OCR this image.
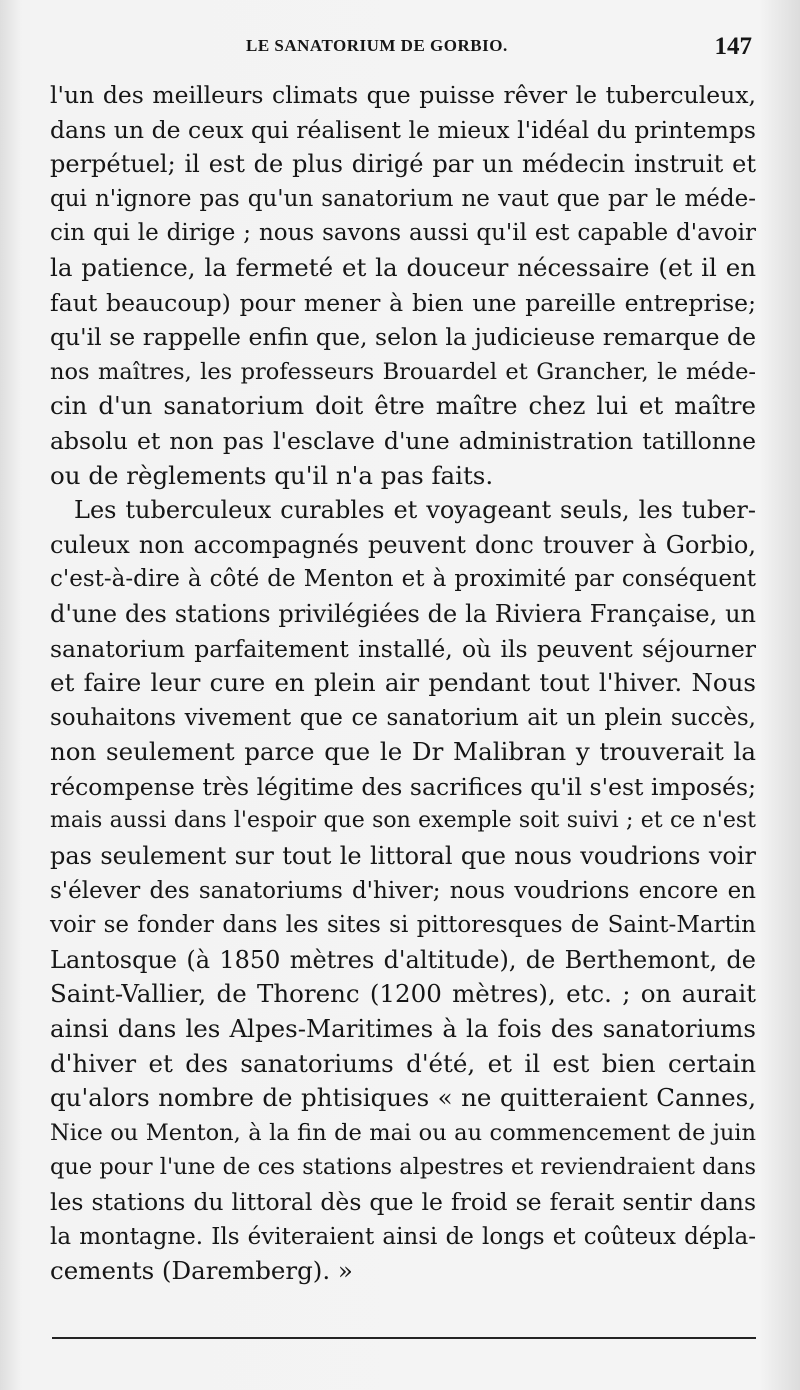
LE SANATORIUM DE GORBIO.	147
l'un des meilleurs climats que puisse rêver le tuberculeux,
dans un de ceux qui réalisent le mieux l'idéal du printemps
perpétuel; il est de plus dirigé par un médecin instruit et
qui n'ignore pas qu'un sanatorium ne vaut que par le méde-
cin qui le dirige ; nous savons aussi qu'il est capable d'avoir
la patience, la fermeté et la douceur nécessaire (et il en
faut beaucoup) pour mener à bien une pareille entreprise;
qu'il se rappelle enfin que, selon la judicieuse remarque de
nos maîtres, les professeurs Brouardel et Grancher, le méde-
cin d'un sanatorium doit être maître chez lui et maître
absolu et non pas l'esclave d'une administration tatillonne
ou de règlements qu'il n'a pas faits.
Les tuberculeux curables et voyageant seuls, les tuber-
culeux non accompagnés peuvent donc trouver à Gorbio,
c'est-à-dire à côté de Menton et à proximité par conséquent
d'une des stations privilégiées de la Riviera Française, un
sanatorium parfaitement installé, où ils peuvent séjourner
et faire leur cure en plein air pendant tout l'hiver. Nous
souhaitons vivement que ce sanatorium ait un plein succès,
non seulement parce que le Dr Malibran y trouverait la
récompense très légitime des sacrifices qu'il s'est imposés;
mais aussi dans l'espoir que son exemple soit suivi ; et ce n'est
pas seulement sur tout le littoral que nous voudrions voir
s'élever des sanatoriums d'hiver; nous voudrions encore en
voir se fonder dans les sites si pittoresques de Saint-Martin
Lantosque (à 1850 mètres d'altitude), de Berthemont, de
Saint-Vallier, de Thorenc (1200 mètres), etc. ; on aurait
ainsi dans les Alpes-Maritimes à la fois des sanatoriums
d'hiver et des sanatoriums d'été, et il est bien certain
qu'alors nombre de phtisiques « ne quitteraient Cannes,
Nice ou Menton, à la fin de mai ou au commencement de juin
que pour l'une de ces stations alpestres et reviendraient dans
les stations du littoral dès que le froid se ferait sentir dans
la montagne. Ils éviteraient ainsi de longs et coûteux dépla-
cements (Daremberg). »
